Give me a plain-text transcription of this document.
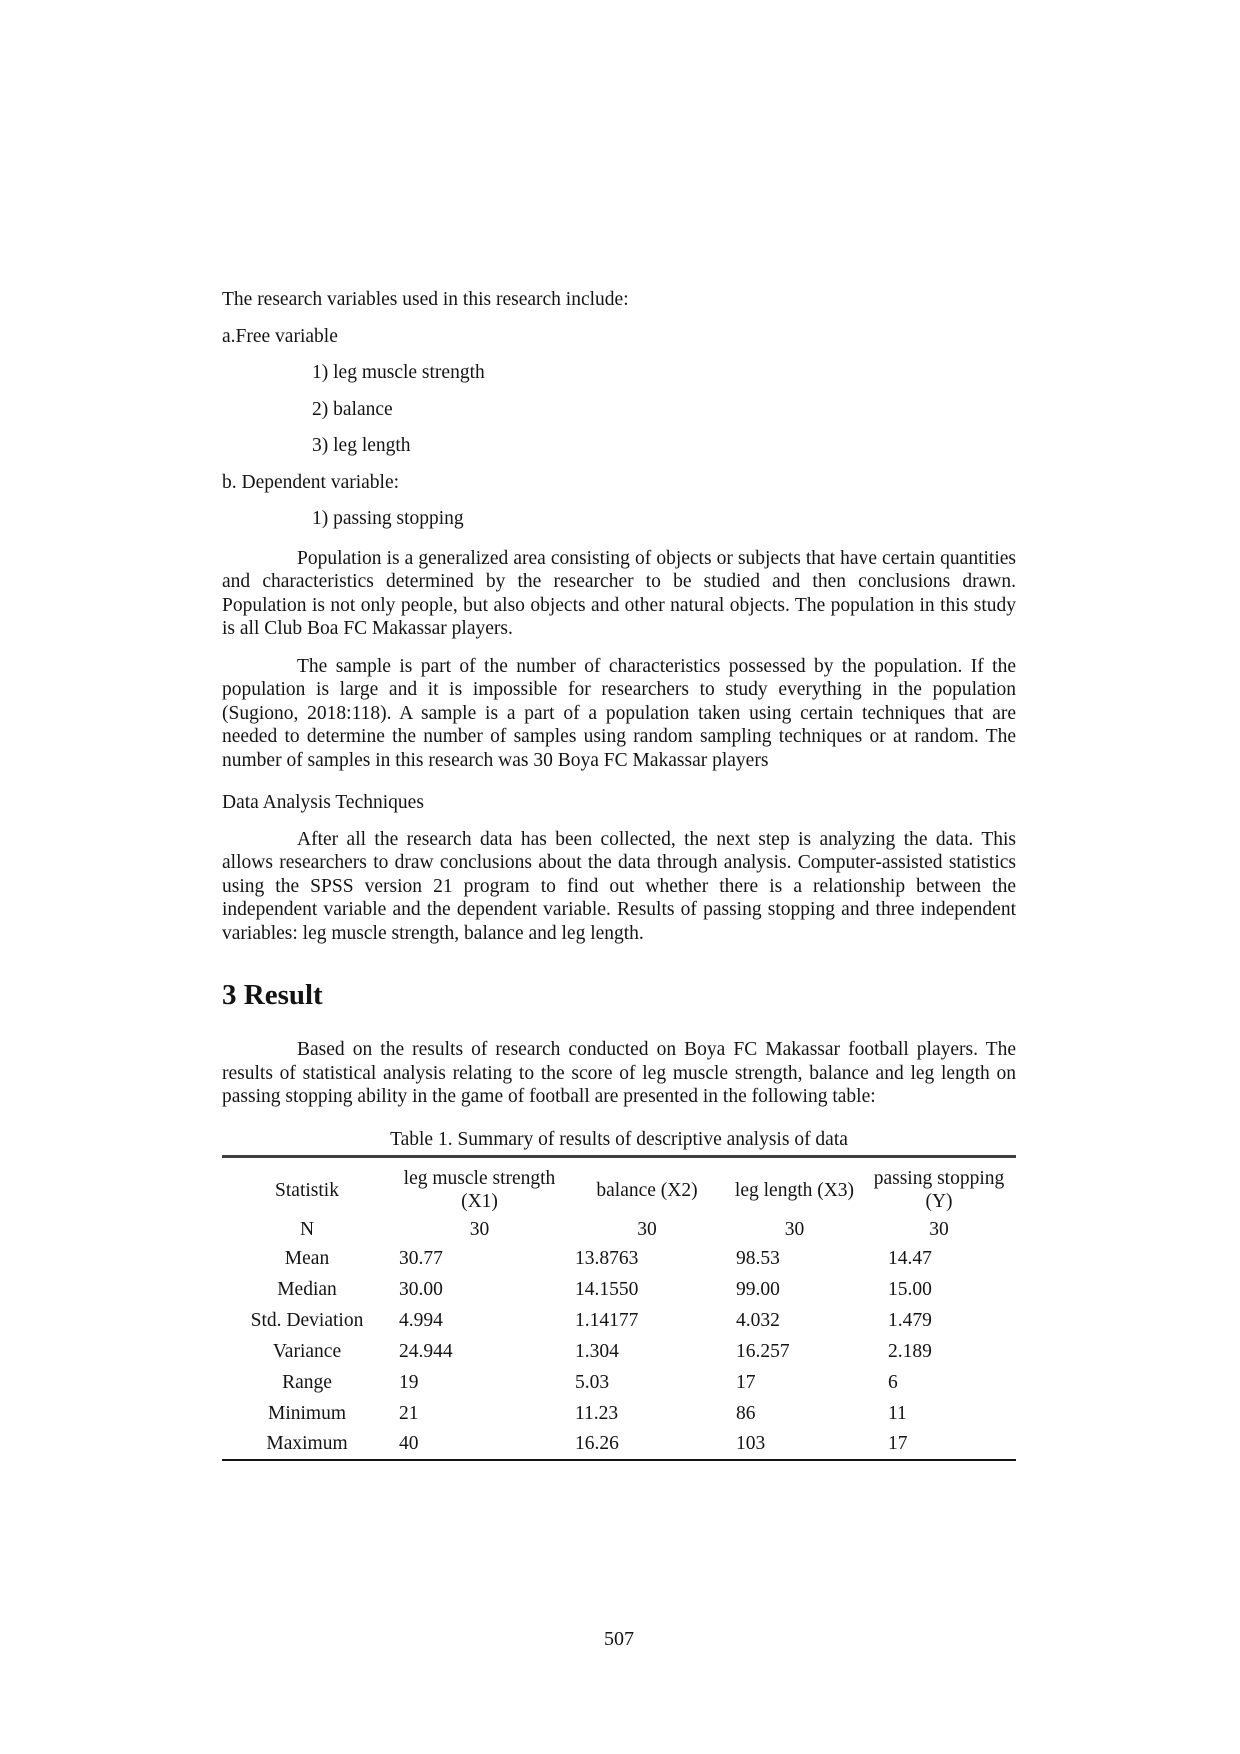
The research variables used in this research include:
a.Free variable
1) leg muscle strength
2) balance
3) leg length
b. Dependent variable:
1) passing stopping

Population is a generalized area consisting of objects or subjects that have certain quantities and characteristics determined by the researcher to be studied and then conclusions drawn. Population is not only people, but also objects and other natural objects. The population in this study is all Club Boa FC Makassar players.

The sample is part of the number of characteristics possessed by the population. If the population is large and it is impossible for researchers to study everything in the population (Sugiono, 2018:118). A sample is a part of a population taken using certain techniques that are needed to determine the number of samples using random sampling techniques or at random. The number of samples in this research was 30 Boya FC Makassar players

Data Analysis Techniques

After all the research data has been collected, the next step is analyzing the data. This allows researchers to draw conclusions about the data through analysis. Computer-assisted statistics using the SPSS version 21 program to find out whether there is a relationship between the independent variable and the dependent variable. Results of passing stopping and three independent variables: leg muscle strength, balance and leg length.

3 Result

Based on the results of research conducted on Boya FC Makassar football players. The results of statistical analysis relating to the score of leg muscle strength, balance and leg length on passing stopping ability in the game of football are presented in the following table:

Table 1. Summary of results of descriptive analysis of data
Statistik	leg muscle strength (X1)	balance (X2)	leg length (X3)	passing stopping (Y)
N	30	30	30	30
Mean	30.77	13.8763	98.53	14.47
Median	30.00	14.1550	99.00	15.00
Std. Deviation	4.994	1.14177	4.032	1.479
Variance	24.944	1.304	16.257	2.189
Range	19	5.03	17	6
Minimum	21	11.23	86	11
Maximum	40	16.26	103	17
507
